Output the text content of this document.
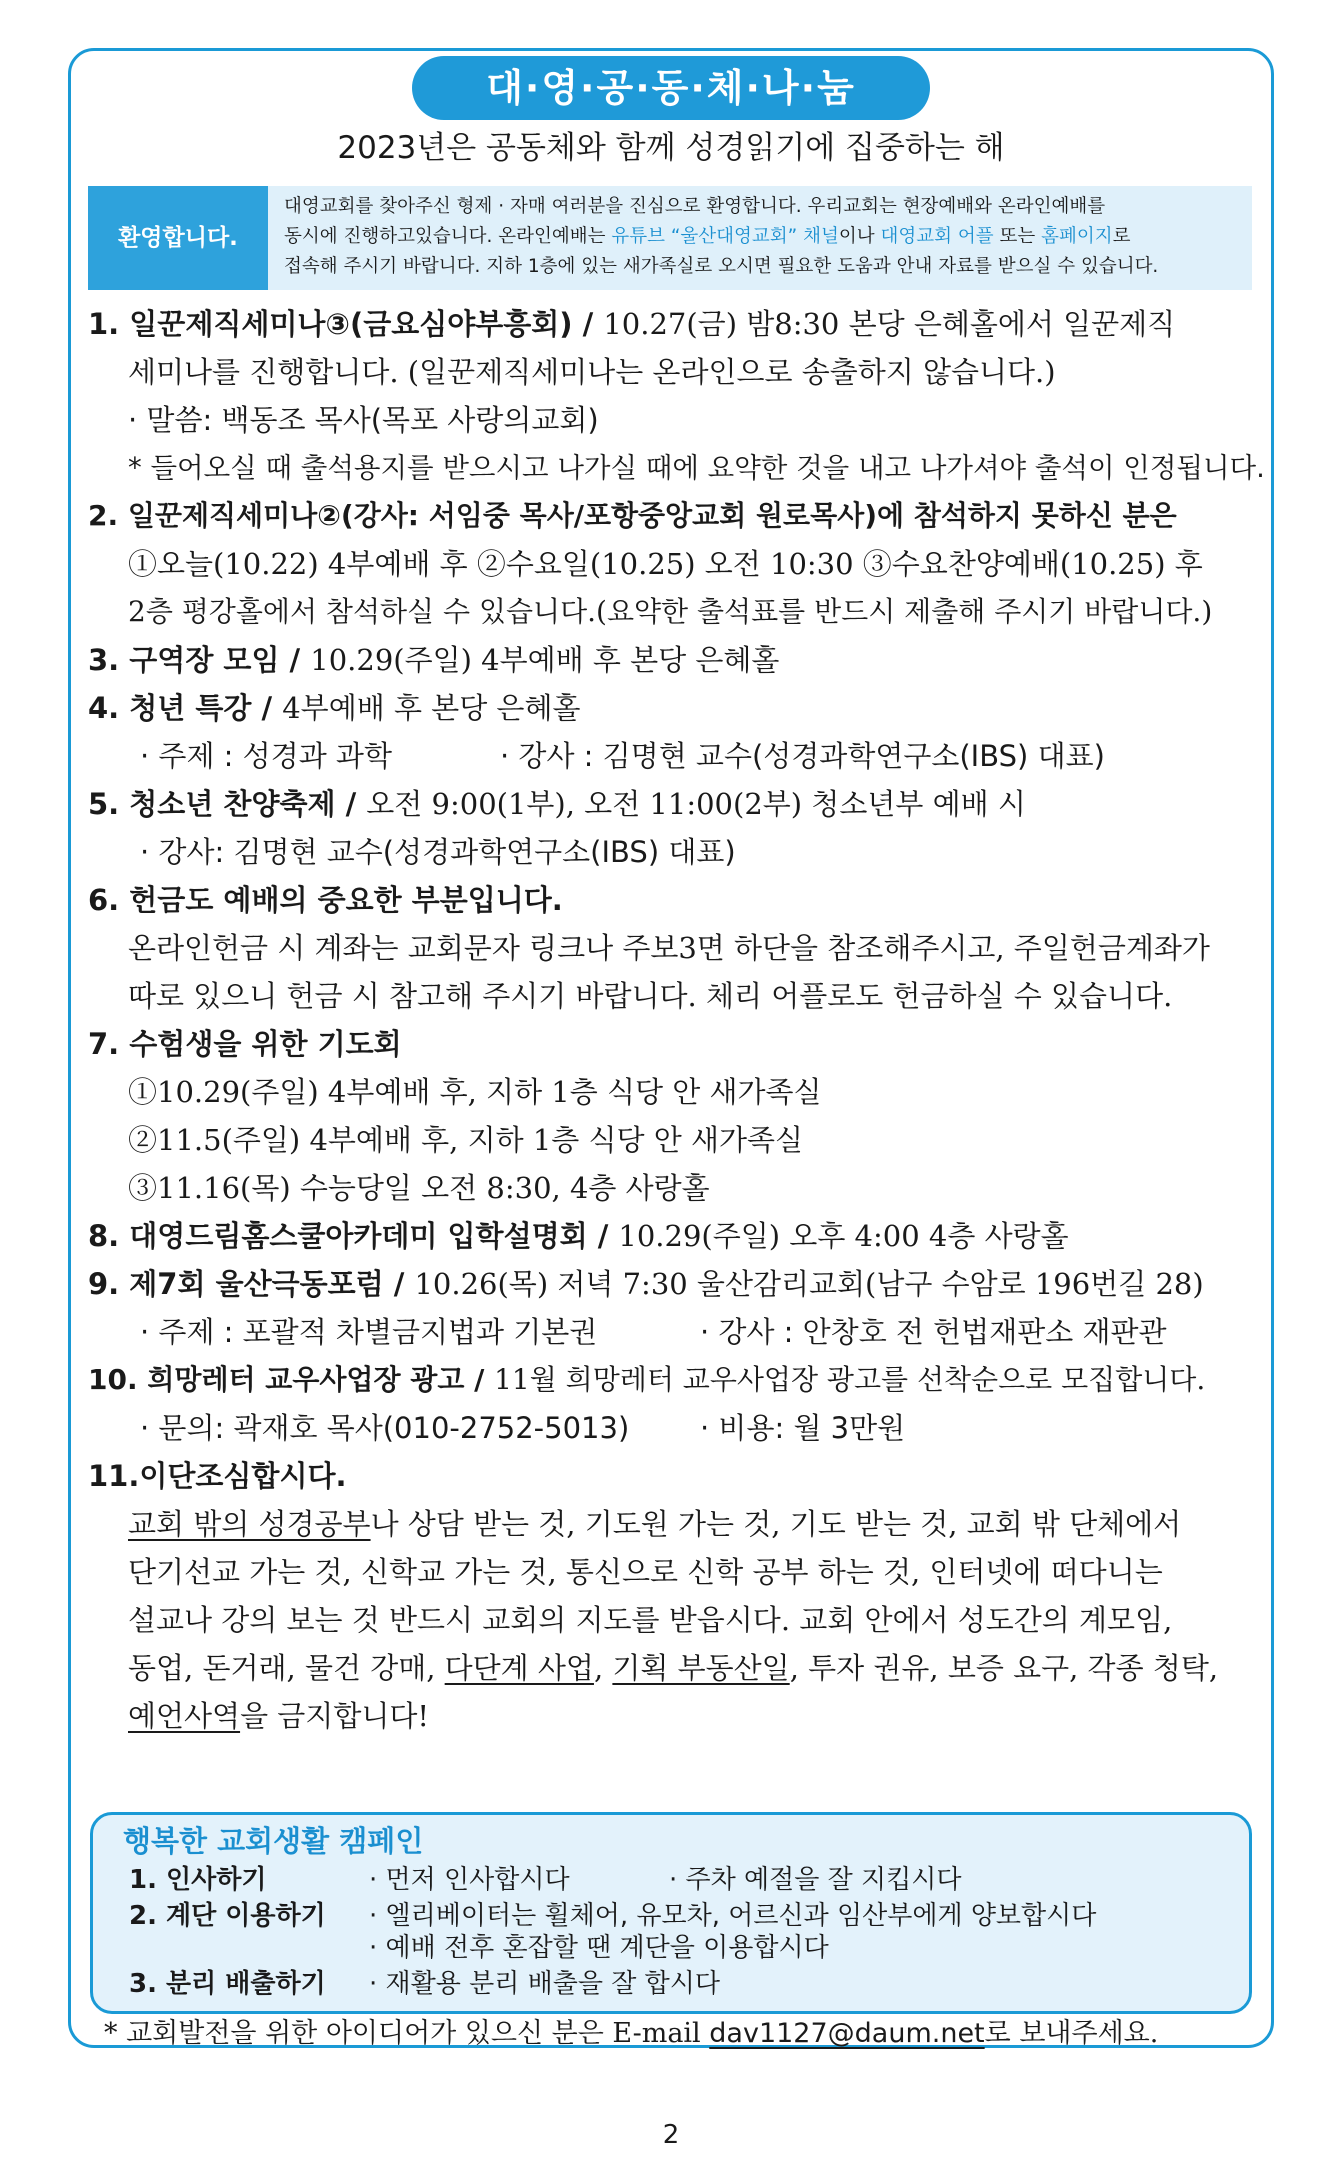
대·영·공·동·체·나·눔
2023년은 공동체와 함께 성경읽기에 집중하는 해
환영합니다.
대영교회를 찾아주신 형제 · 자매 여러분을 진심으로 환영합니다. 우리교회는 현장예배와 온라인예배를
동시에 진행하고있습니다. 온라인예배는 유튜브 “울산대영교회” 채널이나 대영교회 어플 또는 홈페이지로
접속해 주시기 바랍니다. 지하 1층에 있는 새가족실로 오시면 필요한 도움과 안내 자료를 받으실 수 있습니다.
1. 일꾼제직세미나③(금요심야부흥회) / 10.27(금) 밤8:30 본당 은혜홀에서 일꾼제직
세미나를 진행합니다. (일꾼제직세미나는 온라인으로 송출하지 않습니다.)
· 말씀: 백동조 목사(목포 사랑의교회)
* 들어오실 때 출석용지를 받으시고 나가실 때에 요약한 것을 내고 나가셔야 출석이 인정됩니다.
2. 일꾼제직세미나②(강사: 서임중 목사/포항중앙교회 원로목사)에 참석하지 못하신 분은
①오늘(10.22) 4부예배 후 ②수요일(10.25) 오전 10:30 ③수요찬양예배(10.25) 후
2층 평강홀에서 참석하실 수 있습니다.(요약한 출석표를 반드시 제출해 주시기 바랍니다.)
3. 구역장 모임 / 10.29(주일) 4부예배 후 본당 은혜홀
4. 청년 특강 / 4부예배 후 본당 은혜홀
· 주제 : 성경과 과학	· 강사 : 김명현 교수(성경과학연구소(IBS) 대표)
5. 청소년 찬양축제 / 오전 9:00(1부), 오전 11:00(2부) 청소년부 예배 시
· 강사: 김명현 교수(성경과학연구소(IBS) 대표)
6. 헌금도 예배의 중요한 부분입니다.
온라인헌금 시 계좌는 교회문자 링크나 주보3면 하단을 참조해주시고, 주일헌금계좌가
따로 있으니 헌금 시 참고해 주시기 바랍니다. 체리 어플로도 헌금하실 수 있습니다.
7. 수험생을 위한 기도회
①10.29(주일) 4부예배 후, 지하 1층 식당 안 새가족실
②11.5(주일) 4부예배 후, 지하 1층 식당 안 새가족실
③11.16(목) 수능당일 오전 8:30, 4층 사랑홀
8. 대영드림홈스쿨아카데미 입학설명회 / 10.29(주일) 오후 4:00 4층 사랑홀
9. 제7회 울산극동포럼 / 10.26(목) 저녁 7:30 울산감리교회(남구 수암로 196번길 28)
· 주제 : 포괄적 차별금지법과 기본권	· 강사 : 안창호 전 헌법재판소 재판관
10. 희망레터 교우사업장 광고 / 11월 희망레터 교우사업장 광고를 선착순으로 모집합니다.
· 문의: 곽재호 목사(010-2752-5013) · 비용: 월 3만원
11.이단조심합시다.
교회 밖의 성경공부나 상담 받는 것, 기도원 가는 것, 기도 받는 것, 교회 밖 단체에서
단기선교 가는 것, 신학교 가는 것, 통신으로 신학 공부 하는 것, 인터넷에 떠다니는
설교나 강의 보는 것 반드시 교회의 지도를 받읍시다. 교회 안에서 성도간의 계모임,
동업, 돈거래, 물건 강매, 다단계 사업, 기획 부동산일, 투자 권유, 보증 요구, 각종 청탁,
예언사역을 금지합니다!
행복한 교회생활 캠페인
1. 인사하기	· 먼저 인사합시다	· 주차 예절을 잘 지킵시다
2. 계단 이용하기 · 엘리베이터는 휠체어, 유모차, 어르신과 임산부에게 양보합시다
· 예배 전후 혼잡할 땐 계단을 이용합시다
3. 분리 배출하기 · 재활용 분리 배출을 잘 합시다
* 교회발전을 위한 아이디어가 있으신 분은 E-mail dav1127@daum.net로 보내주세요.
2
